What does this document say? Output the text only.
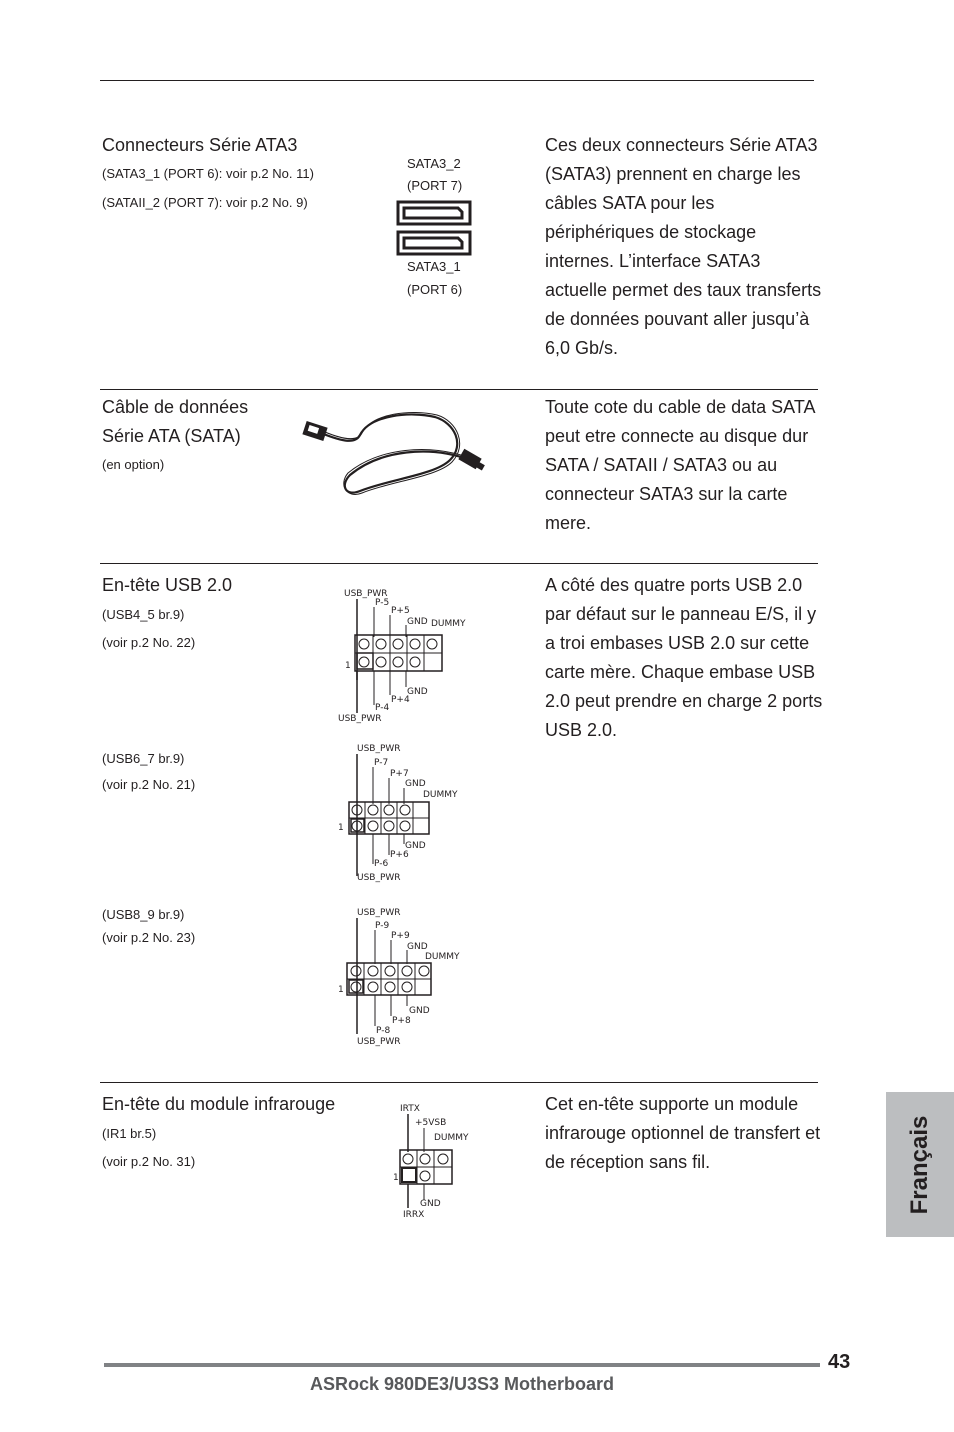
Connecteurs Série ATA3
(SATA3_1 (PORT 6): voir p.2 No. 11)
(SATAII_2 (PORT 7): voir p.2 No. 9)
SATA3_2
(PORT 7)
SATA3_1
(PORT 6)
Ces deux connecteurs Série ATA3 (SATA3) prennent en charge les câbles SATA pour les périphériques de stockage internes. L’interface SATA3 actuelle permet des taux transferts de données pouvant aller jusqu’à 6,0 Gb/s.
Câble de données
Série ATA (SATA)
(en option)
Toute cote du cable de data SATA peut etre connecte au disque dur SATA / SATAII / SATA3 ou au connecteur SATA3 sur la carte mere.
En-tête USB 2.0
(USB4_5 br.9)
(voir p.2 No. 22)
(USB6_7 br.9)
(voir p.2 No. 21)
(USB8_9 br.9)
(voir p.2 No. 23)
USB_PWR
P-5
P+5
GND DUMMY
1
GND
P+4
P-4
USB_PWR
USB_PWR
P-7
P+7
GND
DUMMY
1
GND
P+6
P-6
USB_PWR
USB_PWR
P-9
P+9
GND
DUMMY
1
GND
P+8
P-8
USB_PWR
A côté des quatre ports USB 2.0 par défaut sur le panneau E/S, il y a troi embases USB 2.0 sur cette carte mère. Chaque embase USB 2.0 peut prendre en charge 2 ports USB 2.0.
En-tête du module infrarouge
(IR1 br.5)
(voir p.2 No. 31)
IRTX
+5VSB
DUMMY
1
GND
IRRX
Cet en-tête supporte un module infrarouge optionnel de transfert et de réception sans fil.	Français
43
ASRock 980DE3/U3S3 Motherboard
